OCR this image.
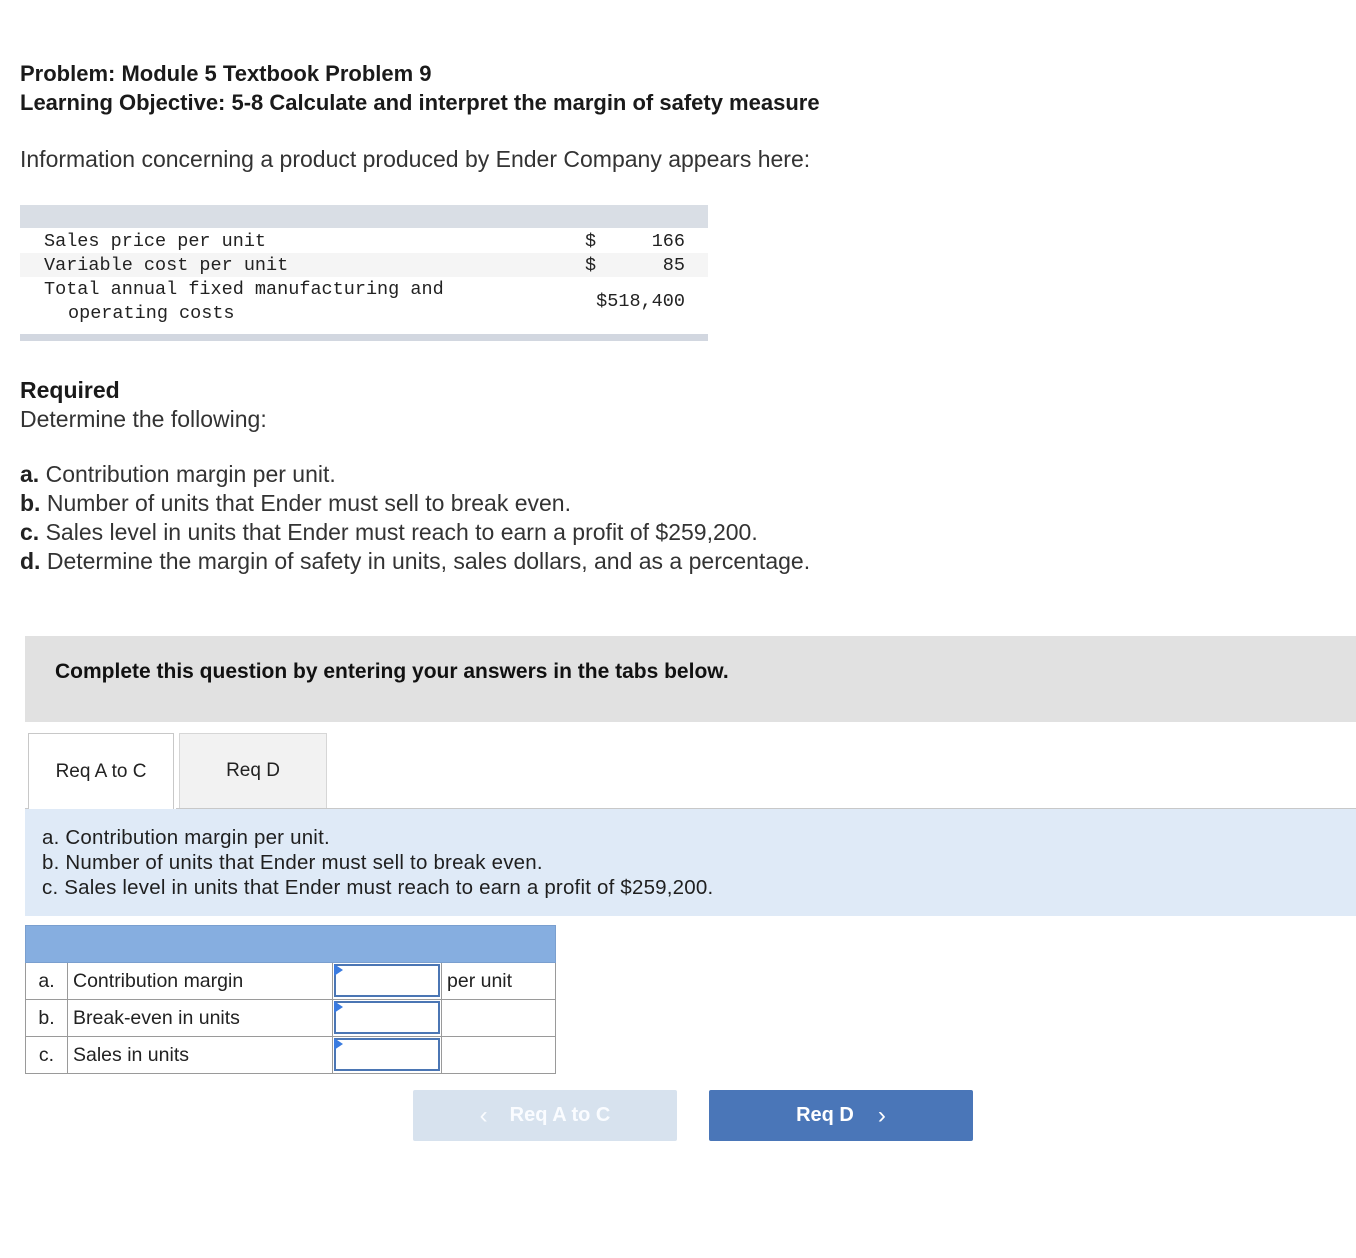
Problem: Module 5 Textbook Problem 9
Learning Objective: 5-8 Calculate and interpret the margin of safety measure
Information concerning a product produced by Ender Company appears here:
Sales price per unit	$	166
Variable cost per unit	$	85
Total annual fixed manufacturing and
operating costs
$518,400
Required
Determine the following:
a. Contribution margin per unit.
b. Number of units that Ender must sell to break even.
c. Sales level in units that Ender must reach to earn a profit of $259,200.
d. Determine the margin of safety in units, sales dollars, and as a percentage.
Complete this question by entering your answers in the tabs below.
Req A to C	Req D
a. Contribution margin per unit.
b. Number of units that Ender must sell to break even.
c. Sales level in units that Ender must reach to earn a profit of $259,200.
a. Contribution margin	per unit
b. Break-even in units
c. Sales in units
‹ Req A to C	Req D ›
